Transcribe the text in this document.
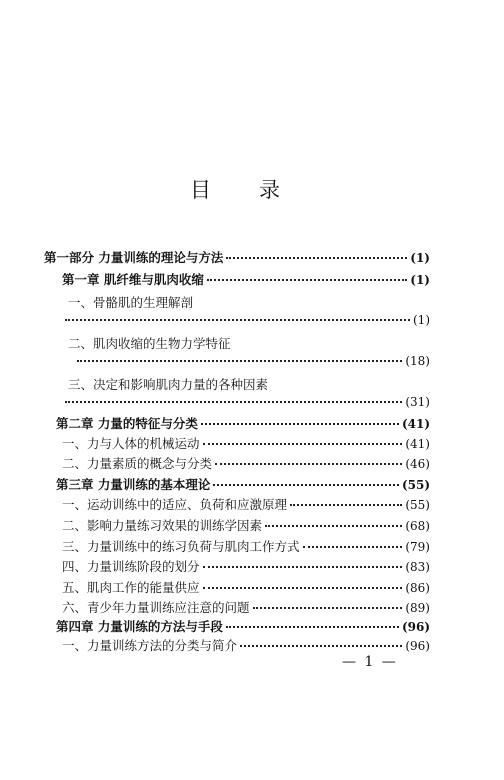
目 录
第一部分 力量训练的理论与方法	(1)
第一章 肌纤维与肌肉收缩	(1)
一、骨骼肌的生理解剖
(1)
二、肌肉收缩的生物力学特征
(18)
三、决定和影响肌肉力量的各种因素
(31)
第二章 力量的特征与分类	(41)
一、力与人体的机械运动	(41)
二、力量素质的概念与分类	(46)
第三章 力量训练的基本理论	(55)
一、运动训练中的适应、负荷和应激原理	(55)
二、影响力量练习效果的训练学因素	(68)
三、力量训练中的练习负荷与肌肉工作方式	(79)
四、力量训练阶段的划分	(83)
五、肌肉工作的能量供应	(86)
六、青少年力量训练应注意的问题	(89)
第四章 力量训练的方法与手段	(96)
一、力量训练方法的分类与简介	(96)
— 1 —
